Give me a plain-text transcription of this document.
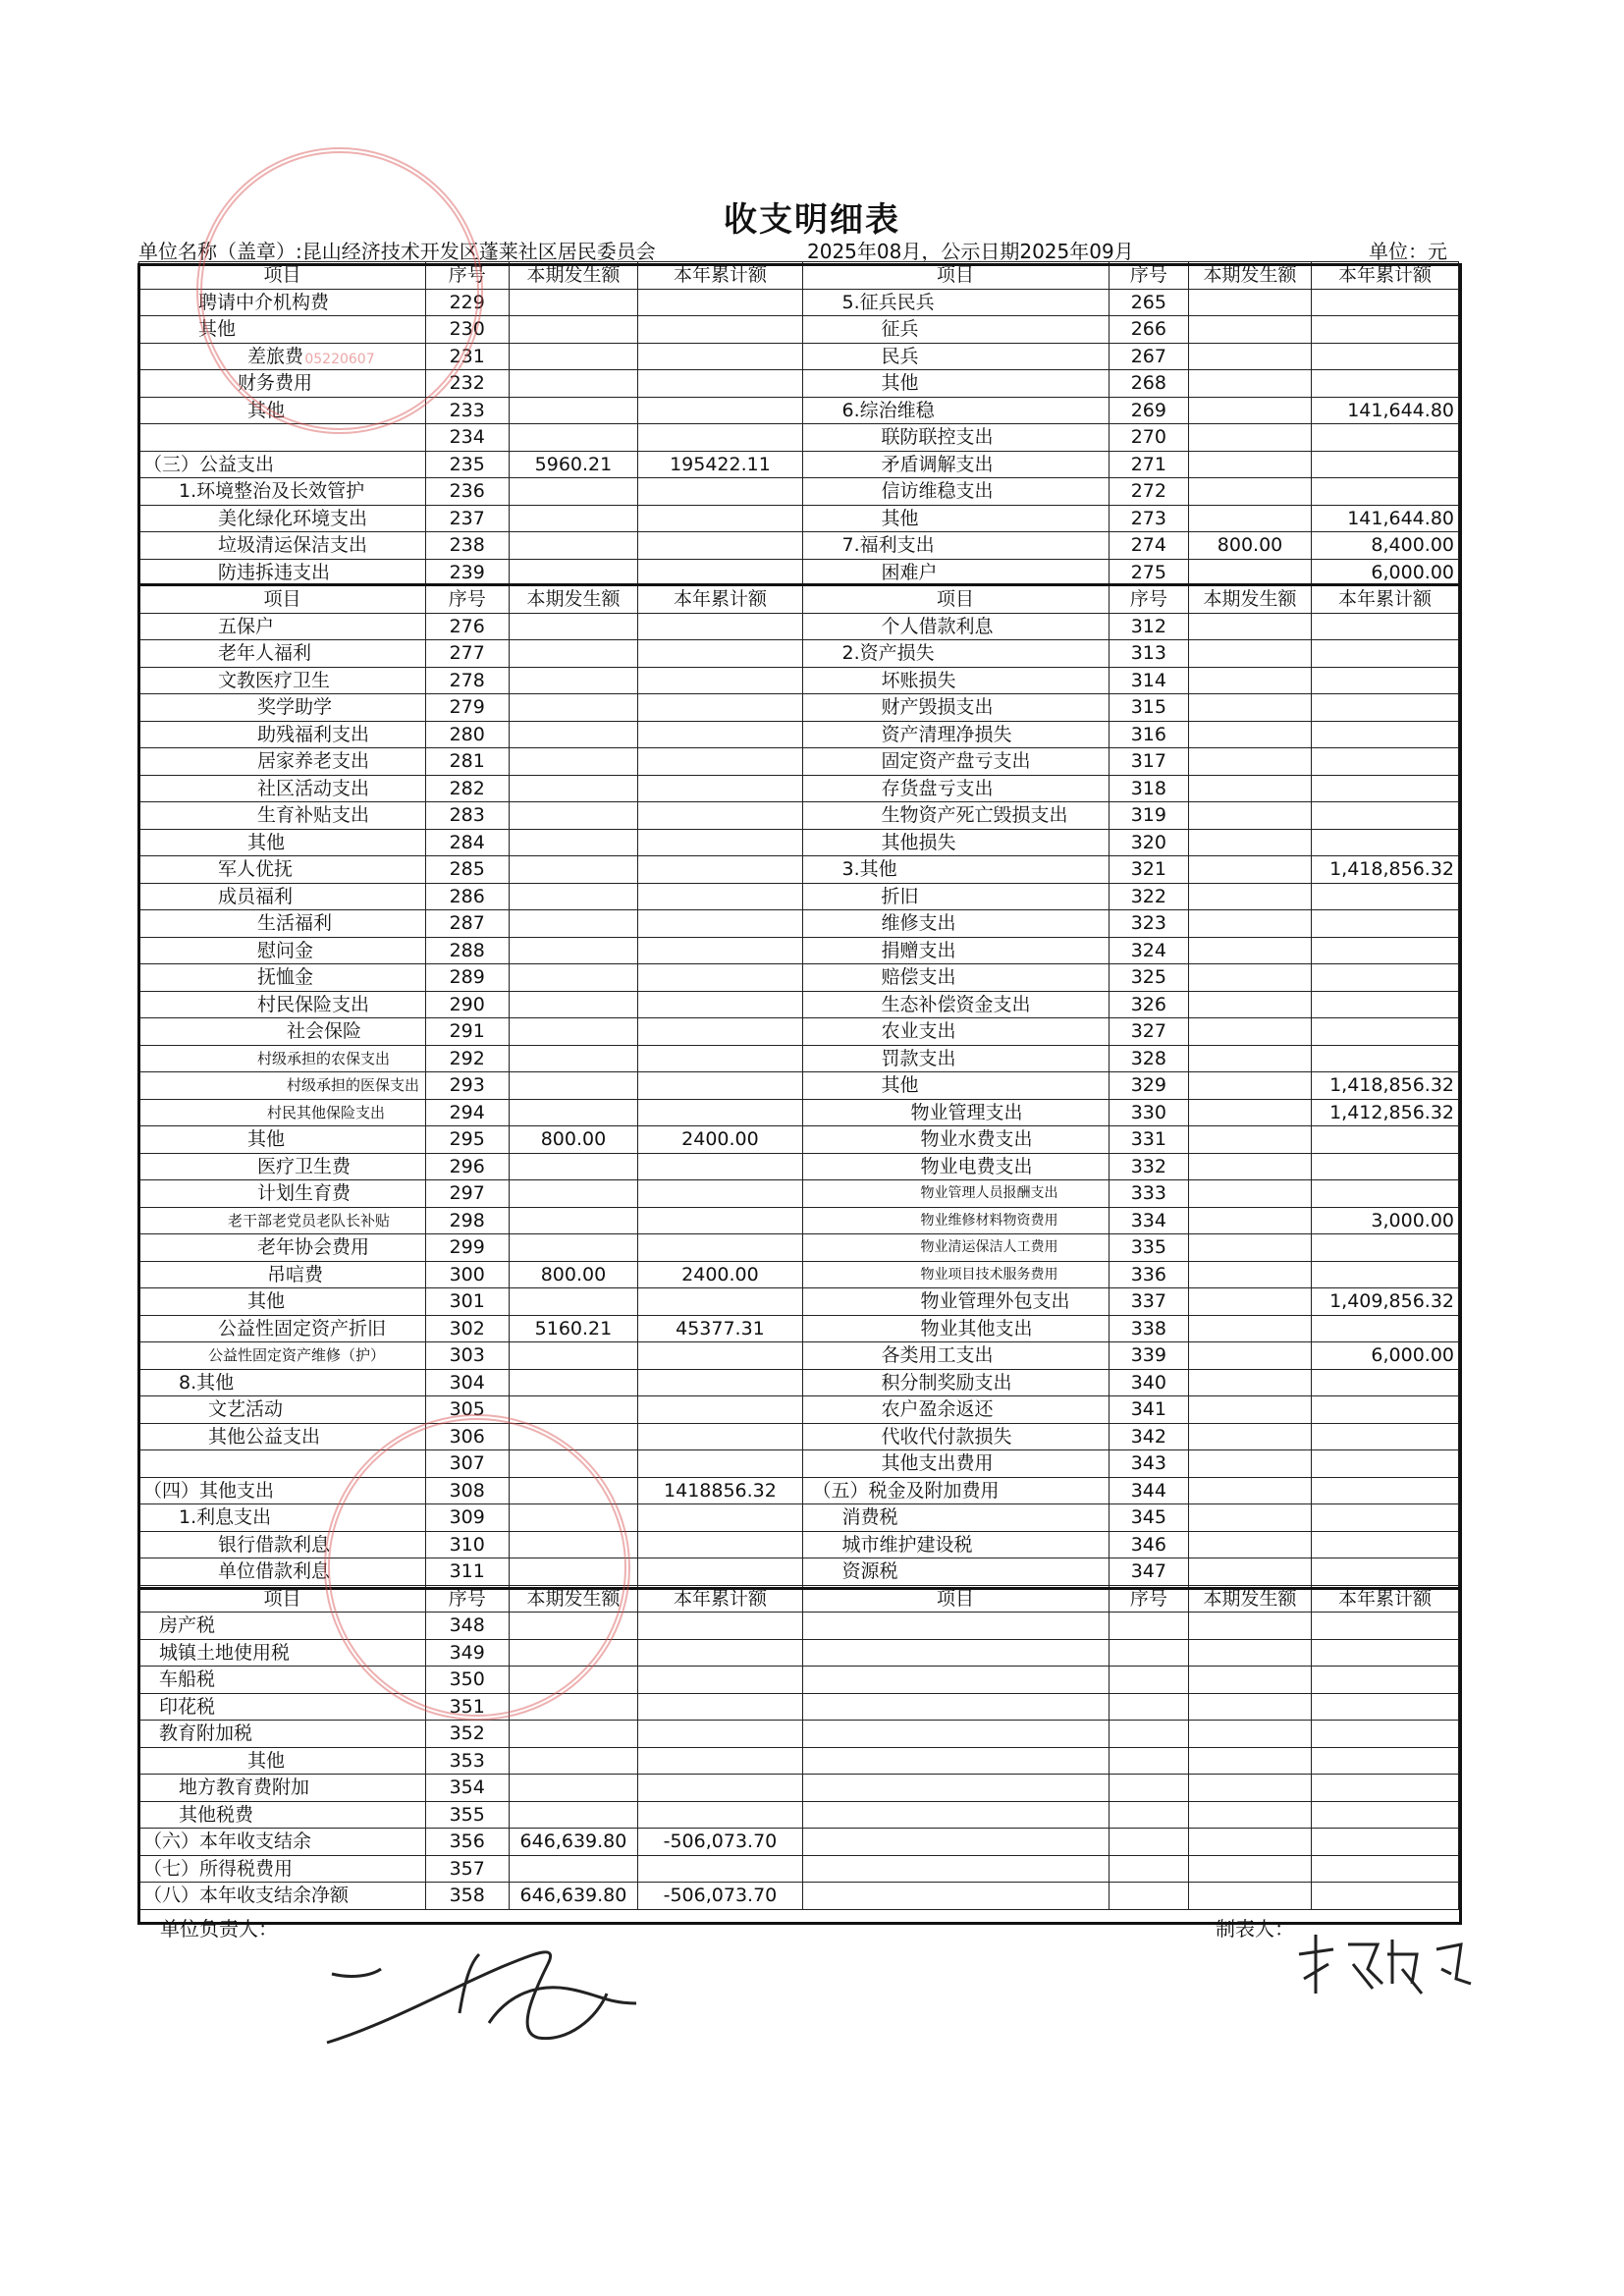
收支明细表
单位名称（盖章）:昆山经济技术开发区蓬莱社区居民委员会	2025年08月，公示日期2025年09月	单位：元
项目	序号	本期发生额	本年累计额	项目	序号	本期发生额	本年累计额
聘请中介机构费	229			5.征兵民兵	265		
其他	230			征兵	266		
差旅费	231			民兵	267		
财务费用	232			其他	268		
其他	233			6.综治维稳	269		141,644.80
	234			联防联控支出	270		
（三）公益支出	235	5960.21	195422.11	矛盾调解支出	271		
1.环境整治及长效管护	236			信访维稳支出	272		
美化绿化环境支出	237			其他	273		141,644.80
垃圾清运保洁支出	238			7.福利支出	274	800.00	8,400.00
防违拆违支出	239			困难户	275		6,000.00
项目	序号	本期发生额	本年累计额	项目	序号	本期发生额	本年累计额
五保户	276			个人借款利息	312		
老年人福利	277			2.资产损失	313		
文教医疗卫生	278			坏账损失	314		
奖学助学	279			财产毁损支出	315		
助残福利支出	280			资产清理净损失	316		
居家养老支出	281			固定资产盘亏支出	317		
社区活动支出	282			存货盘亏支出	318		
生育补贴支出	283			生物资产死亡毁损支出	319		
其他	284			其他损失	320		
军人优抚	285			3.其他	321		1,418,856.32
成员福利	286			折旧	322		
生活福利	287			维修支出	323		
慰问金	288			捐赠支出	324		
抚恤金	289			赔偿支出	325		
村民保险支出	290			生态补偿资金支出	326		
社会保险	291			农业支出	327		
村级承担的农保支出	292			罚款支出	328		
村级承担的医保支出	293			其他	329		1,418,856.32
村民其他保险支出	294			物业管理支出	330		1,412,856.32
其他	295	800.00	2400.00	物业水费支出	331		
医疗卫生费	296			物业电费支出	332		
计划生育费	297			物业管理人员报酬支出	333		
老干部老党员老队长补贴	298			物业维修材料物资费用	334		3,000.00
老年协会费用	299			物业清运保洁人工费用	335		
吊唁费	300	800.00	2400.00	物业项目技术服务费用	336		
其他	301			物业管理外包支出	337		1,409,856.32
公益性固定资产折旧	302	5160.21	45377.31	物业其他支出	338		
公益性固定资产维修（护）	303			各类用工支出	339		6,000.00
8.其他	304			积分制奖励支出	340		
文艺活动	305			农户盈余返还	341		
其他公益支出	306			代收代付款损失	342		
	307			其他支出费用	343		
（四）其他支出	308		1418856.32	（五）税金及附加费用	344		
1.利息支出	309			消费税	345		
银行借款利息	310			城市维护建设税	346		
单位借款利息	311			资源税	347		
项目	序号	本期发生额	本年累计额	项目	序号	本期发生额	本年累计额
房产税	348						
城镇土地使用税	349						
车船税	350						
印花税	351						
教育附加税	352						
其他	353						
地方教育费附加	354						
其他税费	355						
（六）本年收支结余	356	646,639.80	-506,073.70				
（七）所得税费用	357						
（八）本年收支结余净额	358	646,639.80	-506,073.70				
单位负责人：	制表人：
05220607
